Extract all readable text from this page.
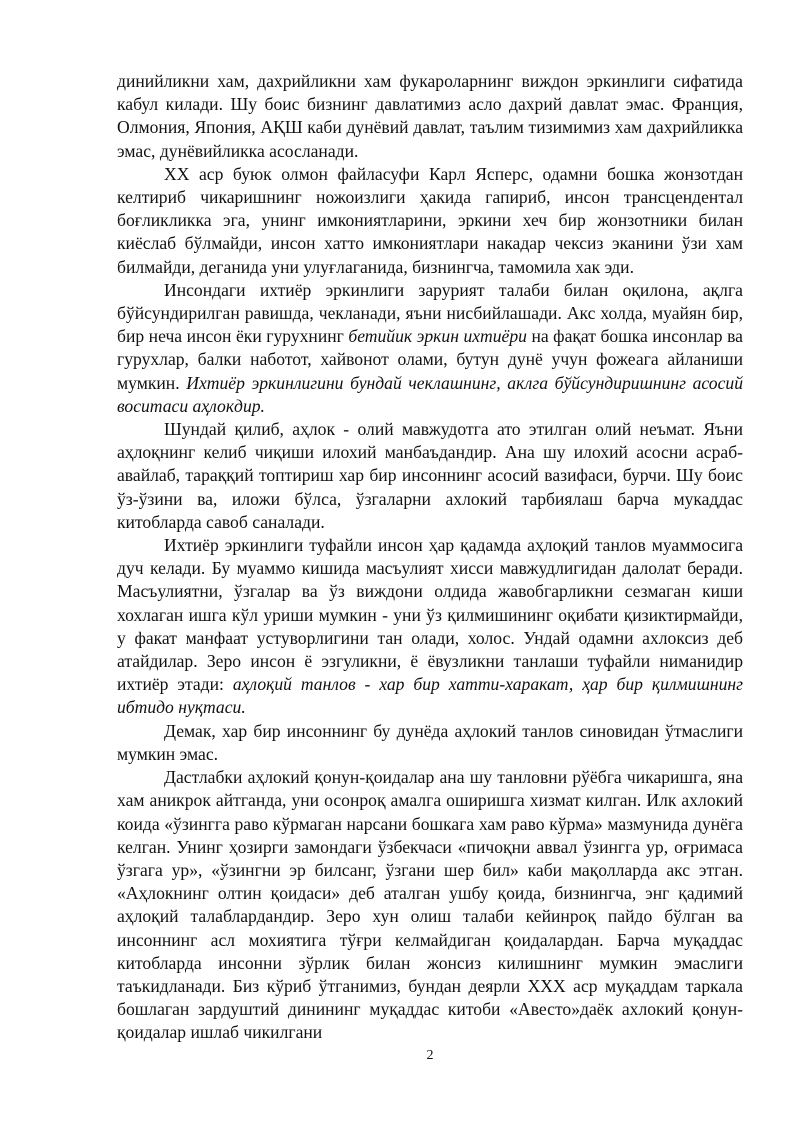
динийликни хам, дахрийликни хам фукароларнинг виждон эркинлиги сифатида кабул килади. Шу боис бизнинг давлатимиз асло дахрий давлат эмас. Франция, Олмония, Япония, АҚШ каби дунёвий давлат, таълим тизимимиз хам дахрийликка эмас, дунёвийликка асосланади.

XX аср буюк олмон файласуфи Карл Ясперс, одамни бошка жонзотдан келтириб чикаришнинг ножоизлиги ҳакида гапириб, инсон трансцендентал боғликликка эга, унинг имкониятларини, эркини хеч бир жонзотники билан киёслаб бўлмайди, инсон хатто имкониятлари накадар чексиз эканини ўзи хам билмайди, деганида уни улуғлаганида, бизнингча, тамомила хак эди.

Инсондаги ихтиёр эркинлиги зарурият талаби билан оқилона, ақлга бўйсундирилган равишда, чекланади, яъни нисбийлашади. Акс холда, муайян бир, бир неча инсон ёки гурухнинг бетийик эркин ихтиёри на фақат бошка инсонлар ва гурухлар, балки наботот, хайвонот олами, бутун дунё учун фожеага айланиши мумкин. Ихтиёр эркинлигини бундай чеклашнинг, аклга бўйсундиришнинг асосий воситаси аҳлокдир.

Шундай қилиб, аҳлок - олий мавжудотга ато этилган олий неъмат. Яъни аҳлоқнинг келиб чиқиши илохий манбаъдандир. Ана шу илохий асосни асраб-авайлаб, тараққий топтириш хар бир инсоннинг асосий вазифаси, бурчи. Шу боис ўз-ўзини ва, иложи бўлса, ўзгаларни ахлокий тарбиялаш барча мукаддас китобларда савоб саналади.

Ихтиёр эркинлиги туфайли инсон ҳар қадамда аҳлоқий танлов муаммосига дуч келади. Бу муаммо кишида масъулият хисси мавжудлигидан далолат беради. Масъулиятни, ўзгалар ва ўз виждони олдида жавобгарликни сезмаган киши хохлаган ишга кўл уриши мумкин - уни ўз қилмишининг оқибати қизиктирмайди, у факат манфаат устуворлигини тан олади, холос. Ундай одамни ахлоксиз деб атайдилар. Зеро инсон ё эзгуликни, ё ёвузликни танлаши туфайли ниманидир ихтиёр этади: аҳлоқий танлов - хар бир хатти-харакат, ҳар бир қилмишнинг ибтидо нуқтаси.

Демак, хар бир инсоннинг бу дунёда аҳлокий танлов синовидан ўтмаслиги мумкин эмас.

Дастлабки аҳлокий қонун-қоидалар ана шу танловни рўёбга чикаришга, яна хам аникрок айтганда, уни осонроқ амалга оширишга хизмат килган. Илк ахлокий коида «ўзингга раво кўрмаган нарсани бошкага хам раво кўрма» мазмунида дунёга келган. Унинг ҳозирги замондаги ўзбекчаси «пичоқни аввал ўзингга ур, оғримаса ўзгага ур», «ўзингни эр билсанг, ўзгани шер бил» каби мақолларда акс этган. «Аҳлокнинг олтин қоидаси» деб аталган ушбу қоида, бизнингча, энг қадимий аҳлоқий талаблардандир. Зеро хун олиш талаби кейинроқ пайдо бўлган ва инсоннинг асл мохиятига тўғри келмайдиган қоидалардан. Барча муқаддас китобларда инсонни зўрлик билан жонсиз килишнинг мумкин эмаслиги таъкидланади. Биз кўриб ўтганимиз, бундан деярли XXX аср муқаддам таркала бошлаган зардуштий динининг муқаддас китоби «Авесто»даёк ахлокий қонун-қоидалар ишлаб чикилгани

2
